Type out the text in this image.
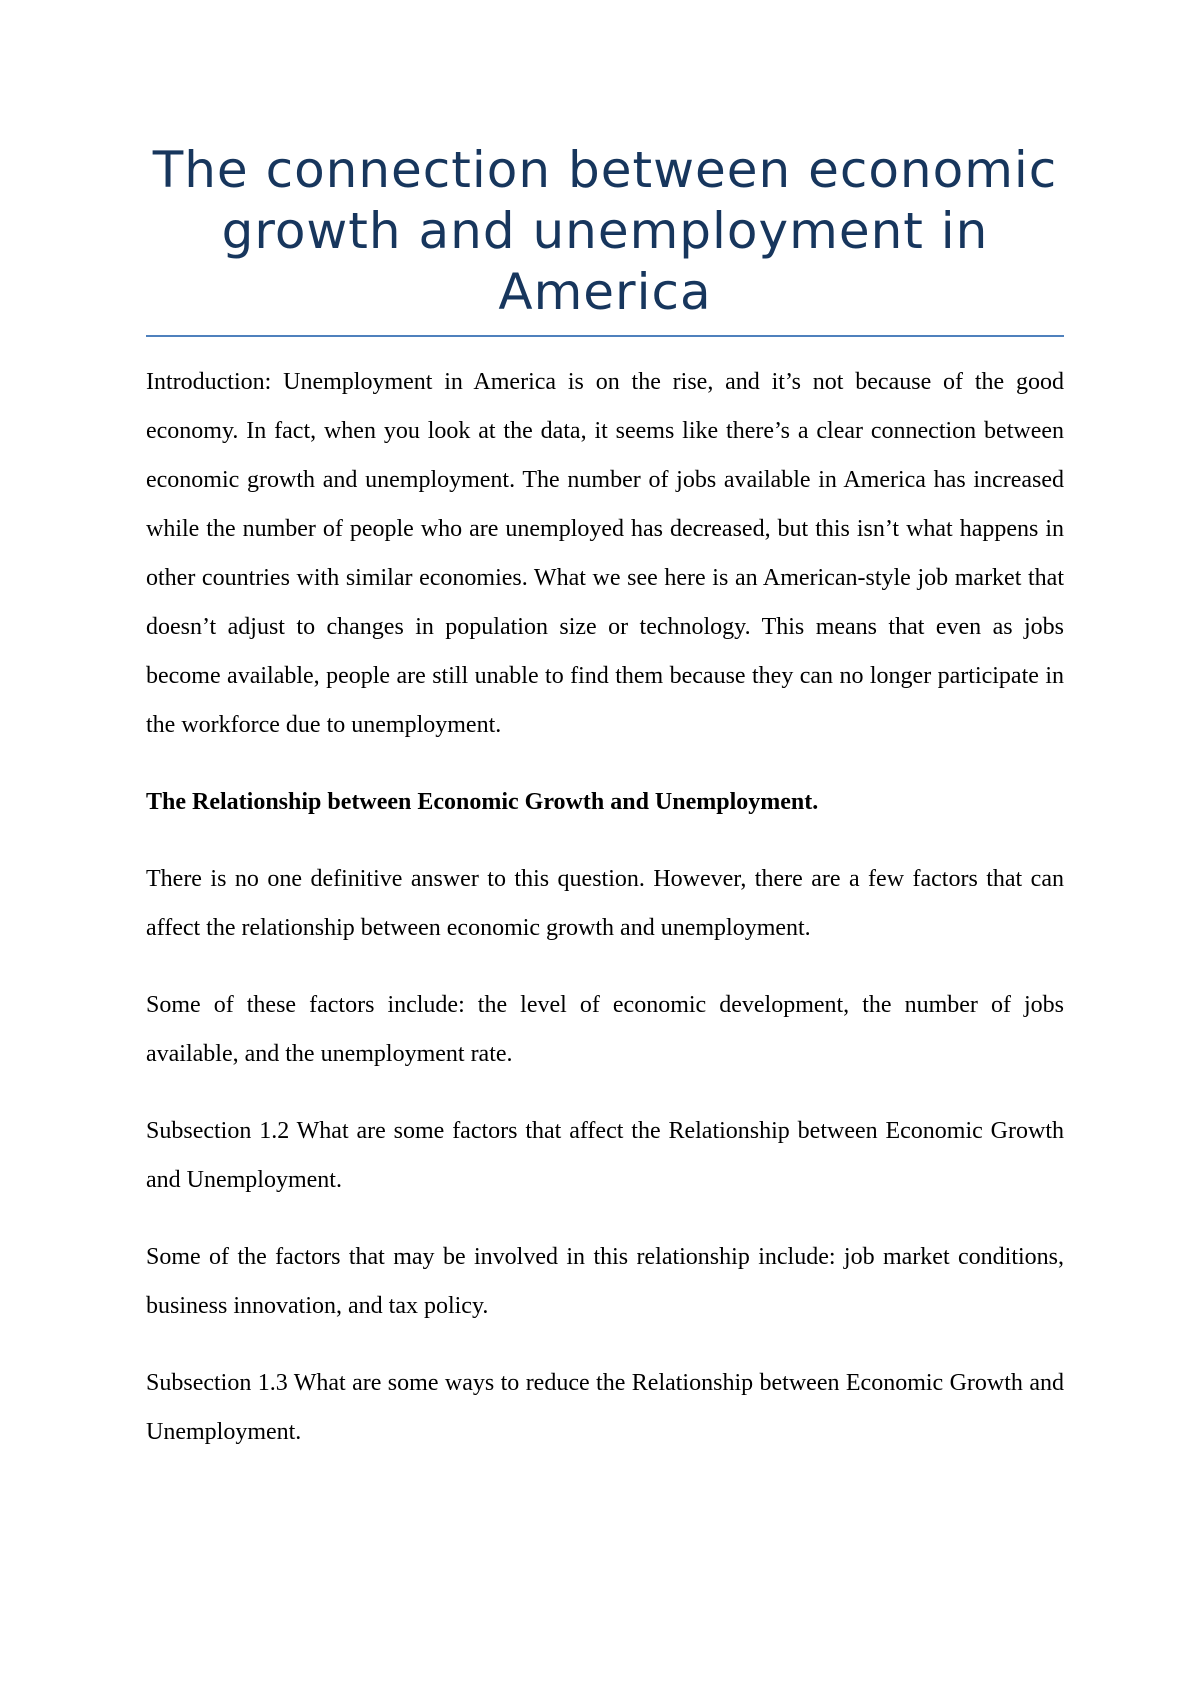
The connection between economic growth and unemployment in America

Introduction: Unemployment in America is on the rise, and it’s not because of the good economy. In fact, when you look at the data, it seems like there’s a clear connection between economic growth and unemployment. The number of jobs available in America has increased while the number of people who are unemployed has decreased, but this isn’t what happens in other countries with similar economies. What we see here is an American-style job market that doesn’t adjust to changes in population size or technology. This means that even as jobs become available, people are still unable to find them because they can no longer participate in the workforce due to unemployment.

The Relationship between Economic Growth and Unemployment.

There is no one definitive answer to this question. However, there are a few factors that can affect the relationship between economic growth and unemployment.

Some of these factors include: the level of economic development, the number of jobs available, and the unemployment rate.

Subsection 1.2 What are some factors that affect the Relationship between Economic Growth and Unemployment.

Some of the factors that may be involved in this relationship include: job market conditions, business innovation, and tax policy.

Subsection 1.3 What are some ways to reduce the Relationship between Economic Growth and Unemployment.
